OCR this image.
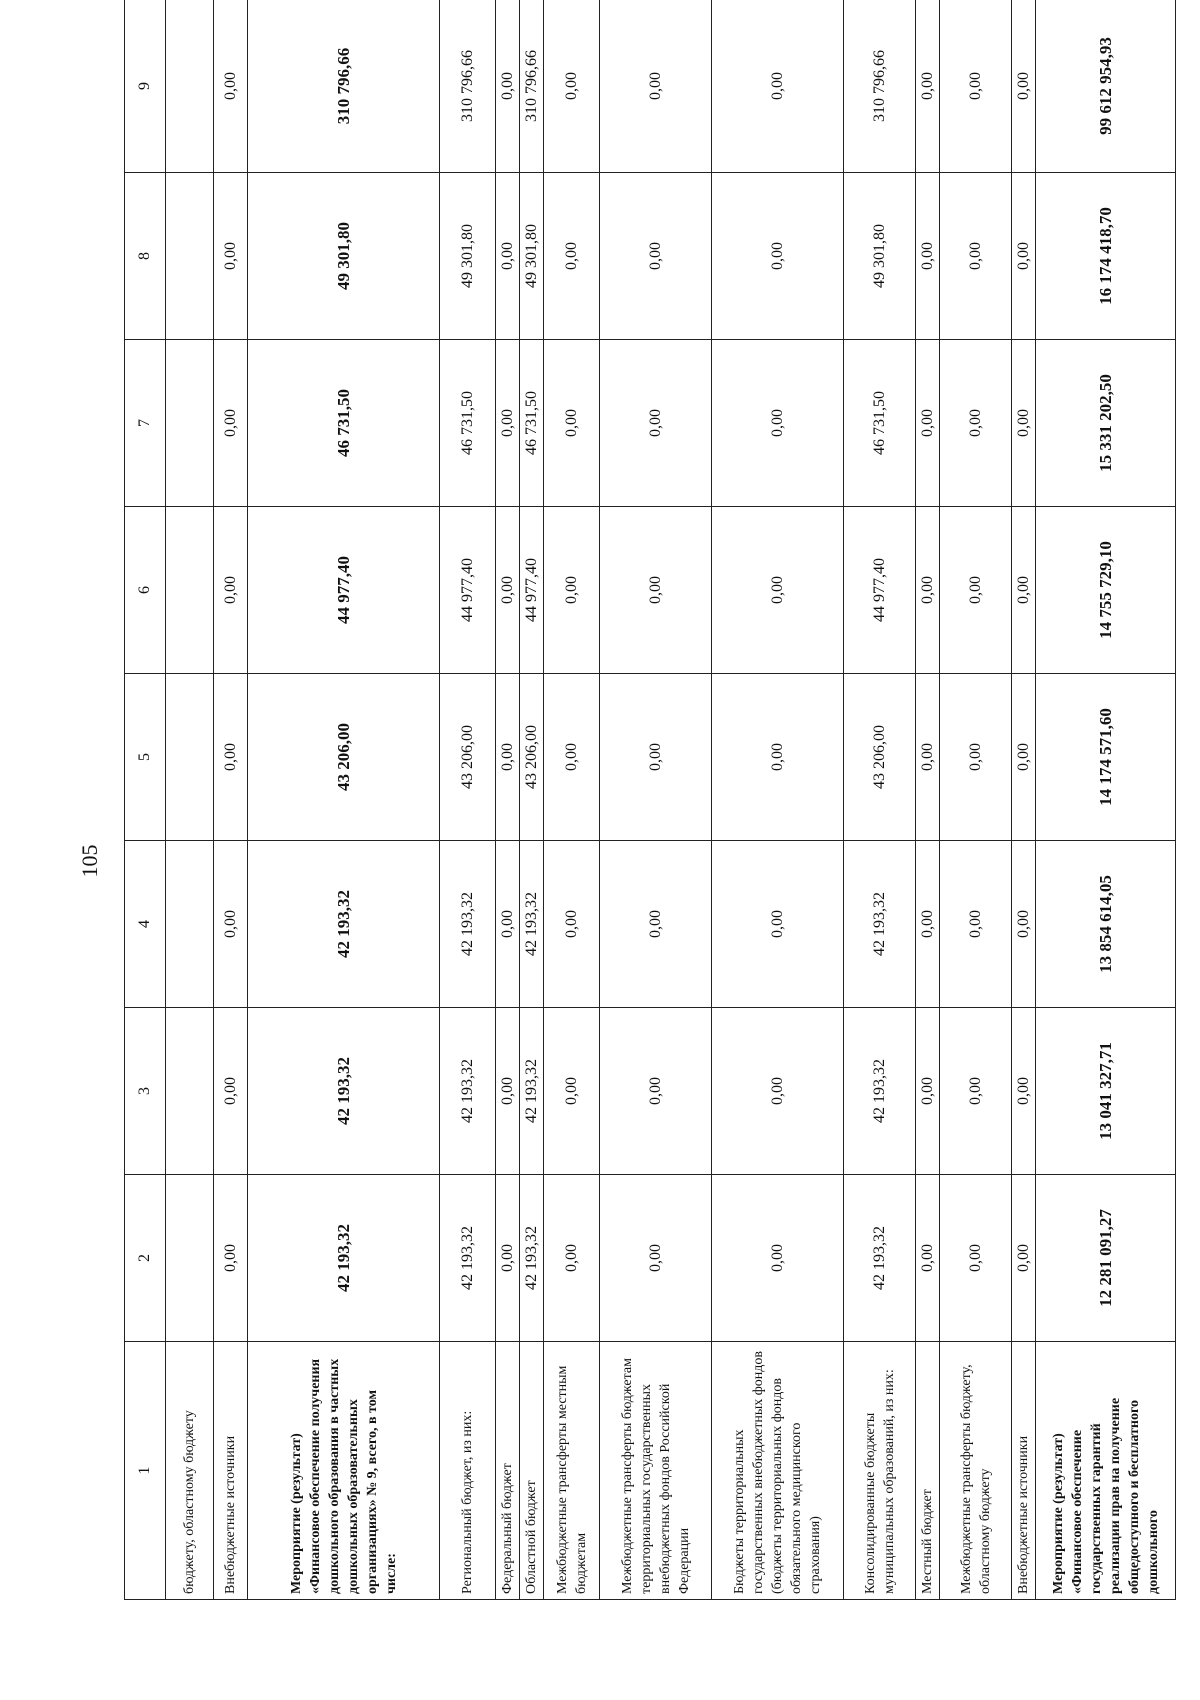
105
1	2	3	4	5	6	7	8	9
бюджету, областному бюджету								
Внебюджетные источники	0,00	0,00	0,00	0,00	0,00	0,00	0,00	0,00
Мероприятие (результат) «Финансовое обеспечение получения дошкольного образования в частных дошкольных образовательных организациях» № 9, всего, в том числе:	42 193,32	42 193,32	42 193,32	43 206,00	44 977,40	46 731,50	49 301,80	310 796,66
Региональный бюджет, из них:	42 193,32	42 193,32	42 193,32	43 206,00	44 977,40	46 731,50	49 301,80	310 796,66
Федеральный бюджет	0,00	0,00	0,00	0,00	0,00	0,00	0,00	0,00
Областной бюджет	42 193,32	42 193,32	42 193,32	43 206,00	44 977,40	46 731,50	49 301,80	310 796,66
Межбюджетные трансферты местным бюджетам	0,00	0,00	0,00	0,00	0,00	0,00	0,00	0,00
Межбюджетные трансферты бюджетам территориальных государственных внебюджетных фондов Российской Федерации	0,00	0,00	0,00	0,00	0,00	0,00	0,00	0,00
Бюджеты территориальных государственных внебюджетных фондов (бюджеты территориальных фондов обязательного медицинского страхования)	0,00	0,00	0,00	0,00	0,00	0,00	0,00	0,00
Консолидированные бюджеты муниципальных образований, из них:	42 193,32	42 193,32	42 193,32	43 206,00	44 977,40	46 731,50	49 301,80	310 796,66
Местный бюджет	0,00	0,00	0,00	0,00	0,00	0,00	0,00	0,00
Межбюджетные трансферты бюджету, областному бюджету	0,00	0,00	0,00	0,00	0,00	0,00	0,00	0,00
Внебюджетные источники	0,00	0,00	0,00	0,00	0,00	0,00	0,00	0,00
Мероприятие (результат) «Финансовое обеспечение государственных гарантий реализации прав на получение общедоступного и бесплатного дошкольного	12 281 091,27	13 041 327,71	13 854 614,05	14 174 571,60	14 755 729,10	15 331 202,50	16 174 418,70	99 612 954,93
